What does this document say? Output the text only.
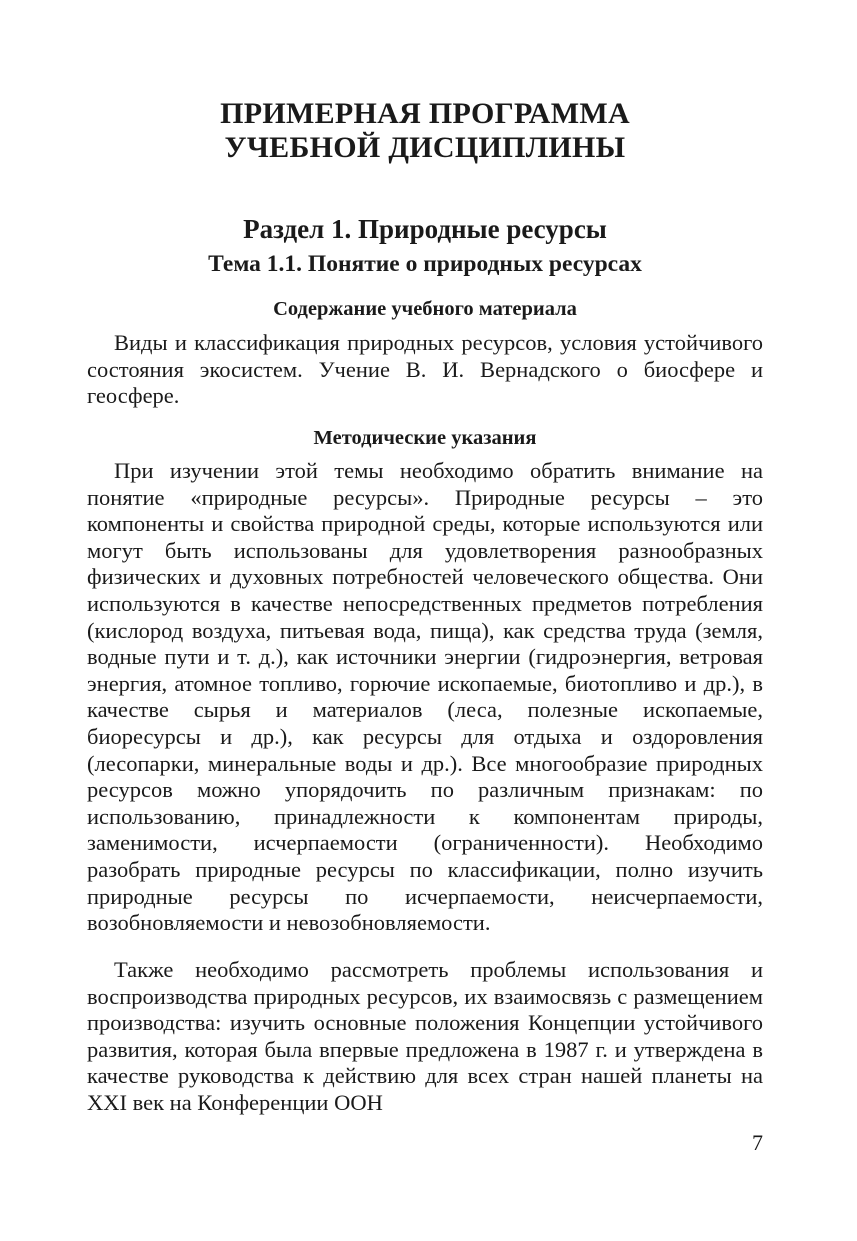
ПРИМЕРНАЯ ПРОГРАММА
УЧЕБНОЙ ДИСЦИПЛИНЫ
Раздел 1. Природные ресурсы
Тема 1.1. Понятие о природных ресурсах
Содержание учебного материала

Виды и классификация природных ресурсов, условия устойчивого состояния экосистем. Учение В. И. Вернадского о биосфере и геосфере.

Методические указания

При изучении этой темы необходимо обратить внимание на понятие «природные ресурсы». Природные ресурсы – это компоненты и свойства природной среды, которые используются или могут быть использованы для удовлетворения разнообразных физических и духовных потребностей человеческого общества. Они используются в качестве непосредственных предметов потребления (кислород воздуха, питьевая вода, пища), как средства труда (земля, водные пути и т. д.), как источники энергии (гидроэнергия, ветровая энергия, атомное топливо, горючие ископаемые, биотопливо и др.), в качестве сырья и материалов (леса, полезные ископаемые, биоресурсы и др.), как ресурсы для отдыха и оздоровления (лесопарки, минеральные воды и др.). Все многообразие природных ресурсов можно упорядочить по различным признакам: по использованию, принадлежности к компонентам природы, заменимости, исчерпаемости (ограниченности). Необходимо разобрать природные ресурсы по классификации, полно изучить природные ресурсы по исчерпаемости, неисчерпаемости, возобновляемости и невозобновляемости.

Также необходимо рассмотреть проблемы использования и воспроизводства природных ресурсов, их взаимосвязь с размещением производства: изучить основные положения Концепции устойчивого развития, которая была впервые предложена в 1987 г. и утверждена в качестве руководства к действию для всех стран нашей планеты на XXI век на Конференции ООН

7
